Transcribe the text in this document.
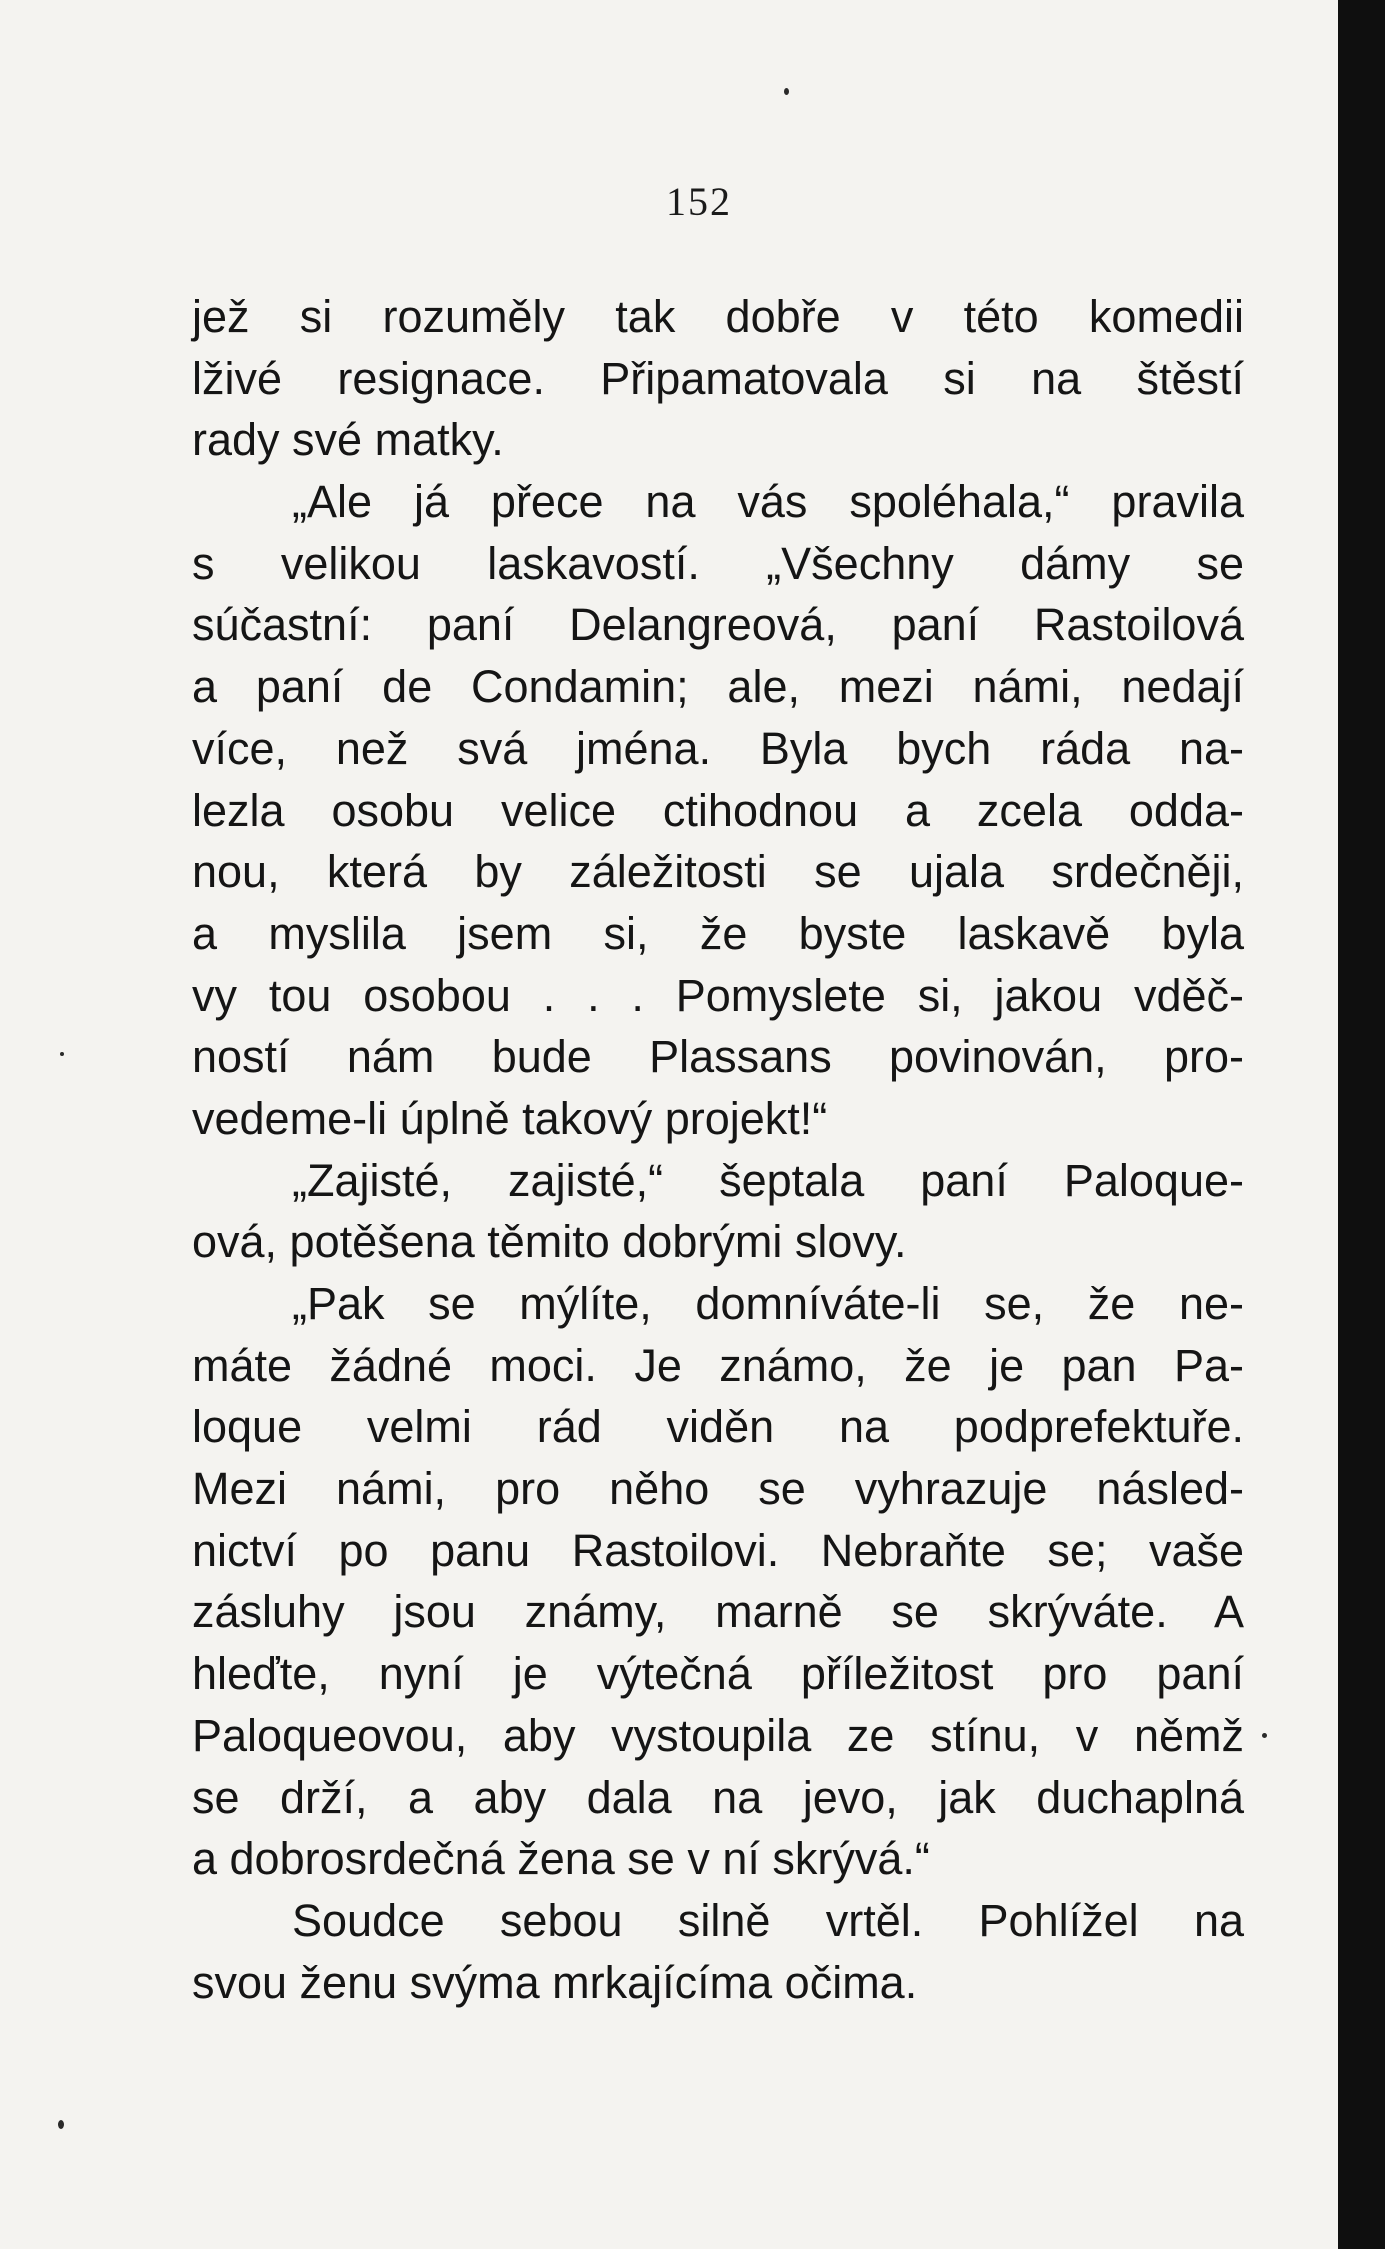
152
jež si rozuměly tak dobře v této komedii
lživé resignace. Připamatovala si na štěstí
rady své matky.
„Ale já přece na vás spoléhala,“ pravila
s velikou laskavostí. „Všechny dámy se
súčastní: paní Delangreová, paní Rastoilová
a paní de Condamin; ale, mezi námi, nedají
více, než svá jména. Byla bych ráda na-
lezla osobu velice ctihodnou a zcela odda-
nou, která by záležitosti se ujala srdečněji,
a myslila jsem si, že byste laskavě byla
vy tou osobou . . . Pomyslete si, jakou vděč-
ností nám bude Plassans povinován, pro-
vedeme-li úplně takový projekt!“
„Zajisté, zajisté,“ šeptala paní Paloque-
ová, potěšena těmito dobrými slovy.
„Pak se mýlíte, domníváte-li se, že ne-
máte žádné moci. Je známo, že je pan Pa-
loque velmi rád viděn na podprefektuře.
Mezi námi, pro něho se vyhrazuje násled-
nictví po panu Rastoilovi. Nebraňte se; vaše
zásluhy jsou známy, marně se skrýváte. A
hleďte, nyní je výtečná příležitost pro paní
Paloqueovou, aby vystoupila ze stínu, v němž
se drží, a aby dala na jevo, jak duchaplná
a dobrosrdečná žena se v ní skrývá.“
Soudce sebou silně vrtěl. Pohlížel na
svou ženu svýma mrkajícíma očima.
